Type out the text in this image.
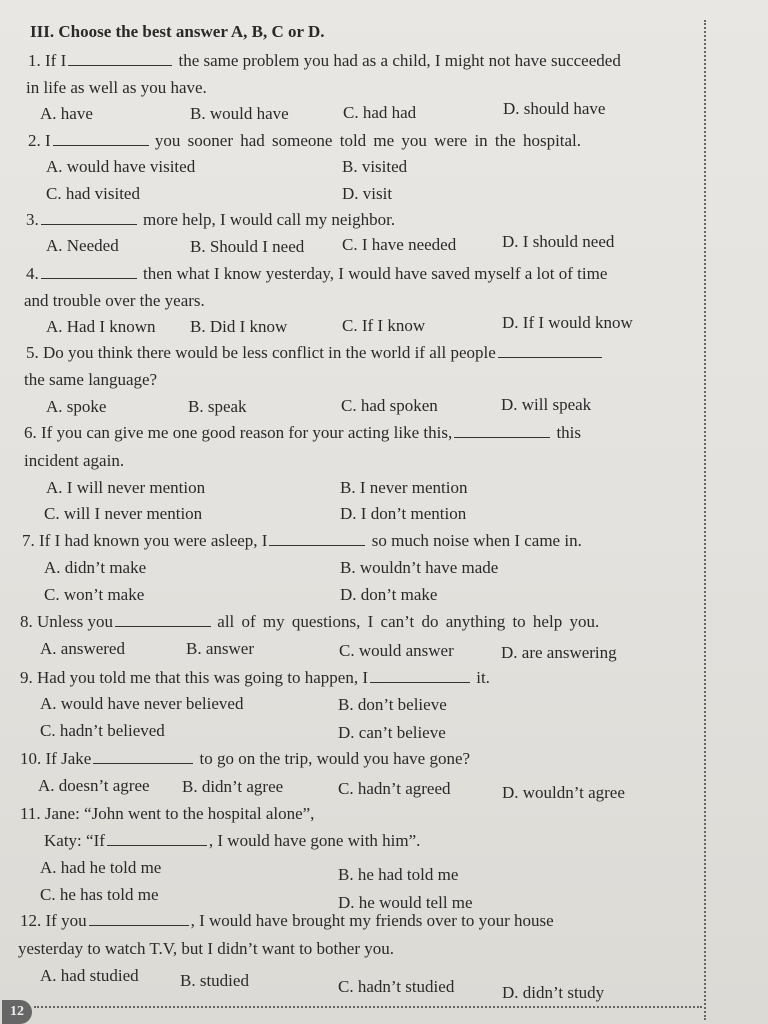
12
III. Choose the best answer A, B, C or D.
1. If I	the same problem you had as a child, I might not have succeeded
in life as well as you have.
A. have	B. would have	C. had had	D. should have
2. I	you sooner had someone told me you were in the hospital.
A. would have visited	B. visited
C. had visited	D. visit
3.	more help, I would call my neighbor.
A. Needed	B. Should I need C. I have needed	D. I should need
4.	then what I know yesterday, I would have saved myself a lot of time
and trouble over the years.
A. Had I known B. Did I know	C. If I know	D. If I would know
5. Do you think there would be less conflict in the world if all people
the same language?
A. spoke	B. speak	C. had spoken	D. will speak
6. If you can give me one good reason for your acting like this,	this
incident again.
A. I will never mention	B. I never mention
C. will I never mention	D. I don’t mention
7. If I had known you were asleep, I	so much noise when I came in.
A. didn’t make	B. wouldn’t have made
C. won’t make	D. don’t make
8. Unless you	all of my questions, I can’t do anything to help you.
A. answered	B. answer	C. would answer	D. are answering
9. Had you told me that this was going to happen, I	it.
A. would have never believed	B. don’t believe
C. hadn’t believed	D. can’t believe
10. If Jake	to go on the trip, would you have gone?
A. doesn’t agree B. didn’t agree	C. hadn’t agreed	D. wouldn’t agree
11. Jane: “John went to the hospital alone”,
Katy: “If	, I would have gone with him”.
A. had he told me	B. he had told me
C. he has told me	D. he would tell me
12. If you	, I would have brought my friends over to your house
yesterday to watch T.V, but I didn’t want to bother you.
A. had studied B. studied	C. hadn’t studied	D. didn’t study
